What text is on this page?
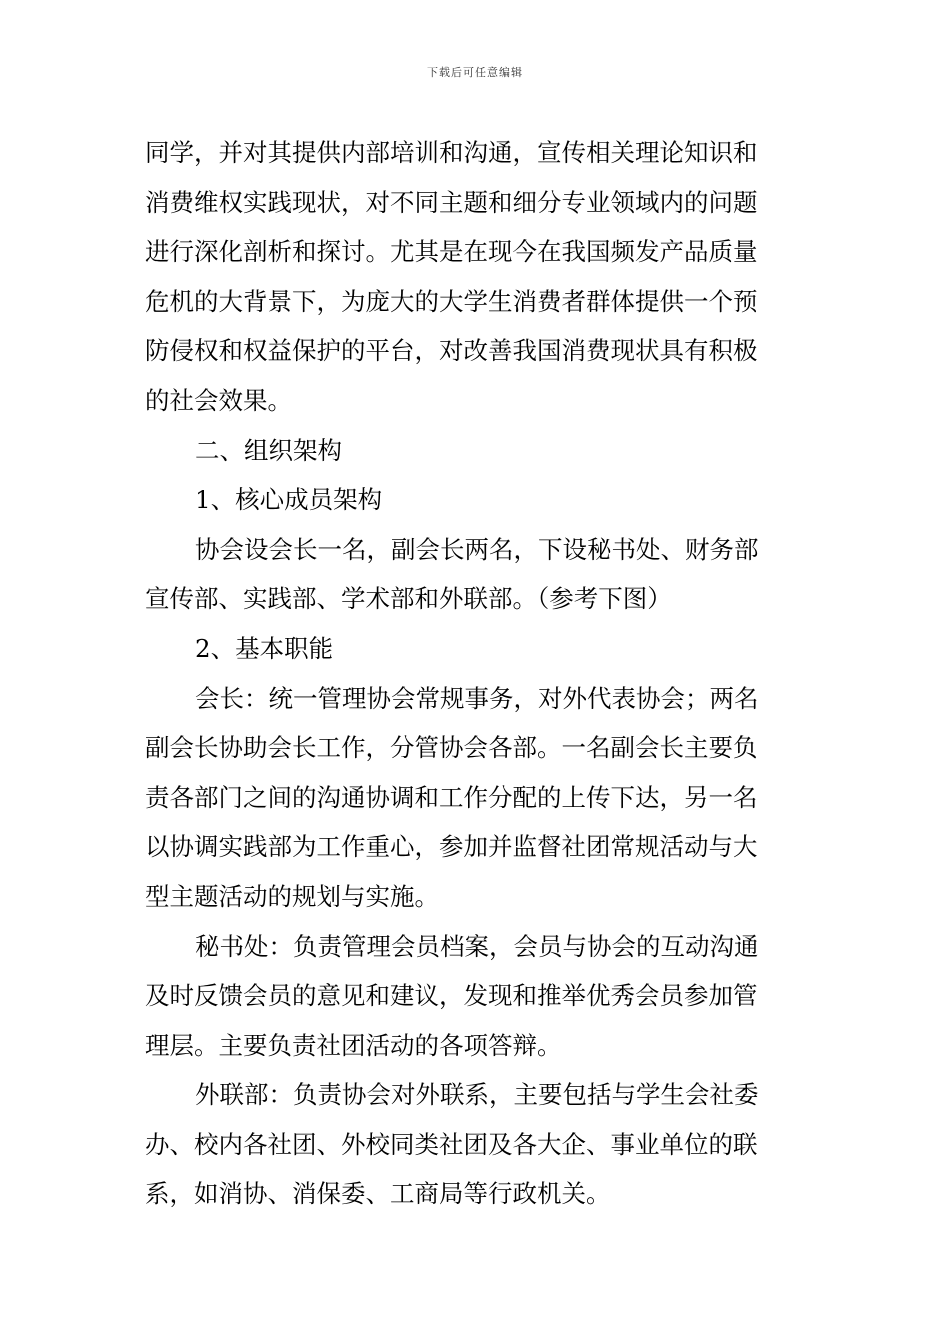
下载后可任意编辑

同学，并对其提供内部培训和沟通，宣传相关理论知识和
消费维权实践现状，对不同主题和细分专业领域内的问题
进行深化剖析和探讨。尤其是在现今在我国频发产品质量
危机的大背景下，为庞大的大学生消费者群体提供一个预
防侵权和权益保护的平台，对改善我国消费现状具有积极
的社会效果。

二、组织架构

1、核心成员架构

协会设会长一名，副会长两名，下设秘书处、财务部
宣传部、实践部、学术部和外联部。（参考下图）

2、基本职能

会长：统一管理协会常规事务，对外代表协会；两名
副会长协助会长工作，分管协会各部。一名副会长主要负
责各部门之间的沟通协调和工作分配的上传下达，另一名
以协调实践部为工作重心，参加并监督社团常规活动与大
型主题活动的规划与实施。

秘书处：负责管理会员档案，会员与协会的互动沟通
及时反馈会员的意见和建议，发现和推举优秀会员参加管
理层。主要负责社团活动的各项答辩。

外联部：负责协会对外联系，主要包括与学生会社委
办、校内各社团、外校同类社团及各大企、事业单位的联
系，如消协、消保委、工商局等行政机关。
